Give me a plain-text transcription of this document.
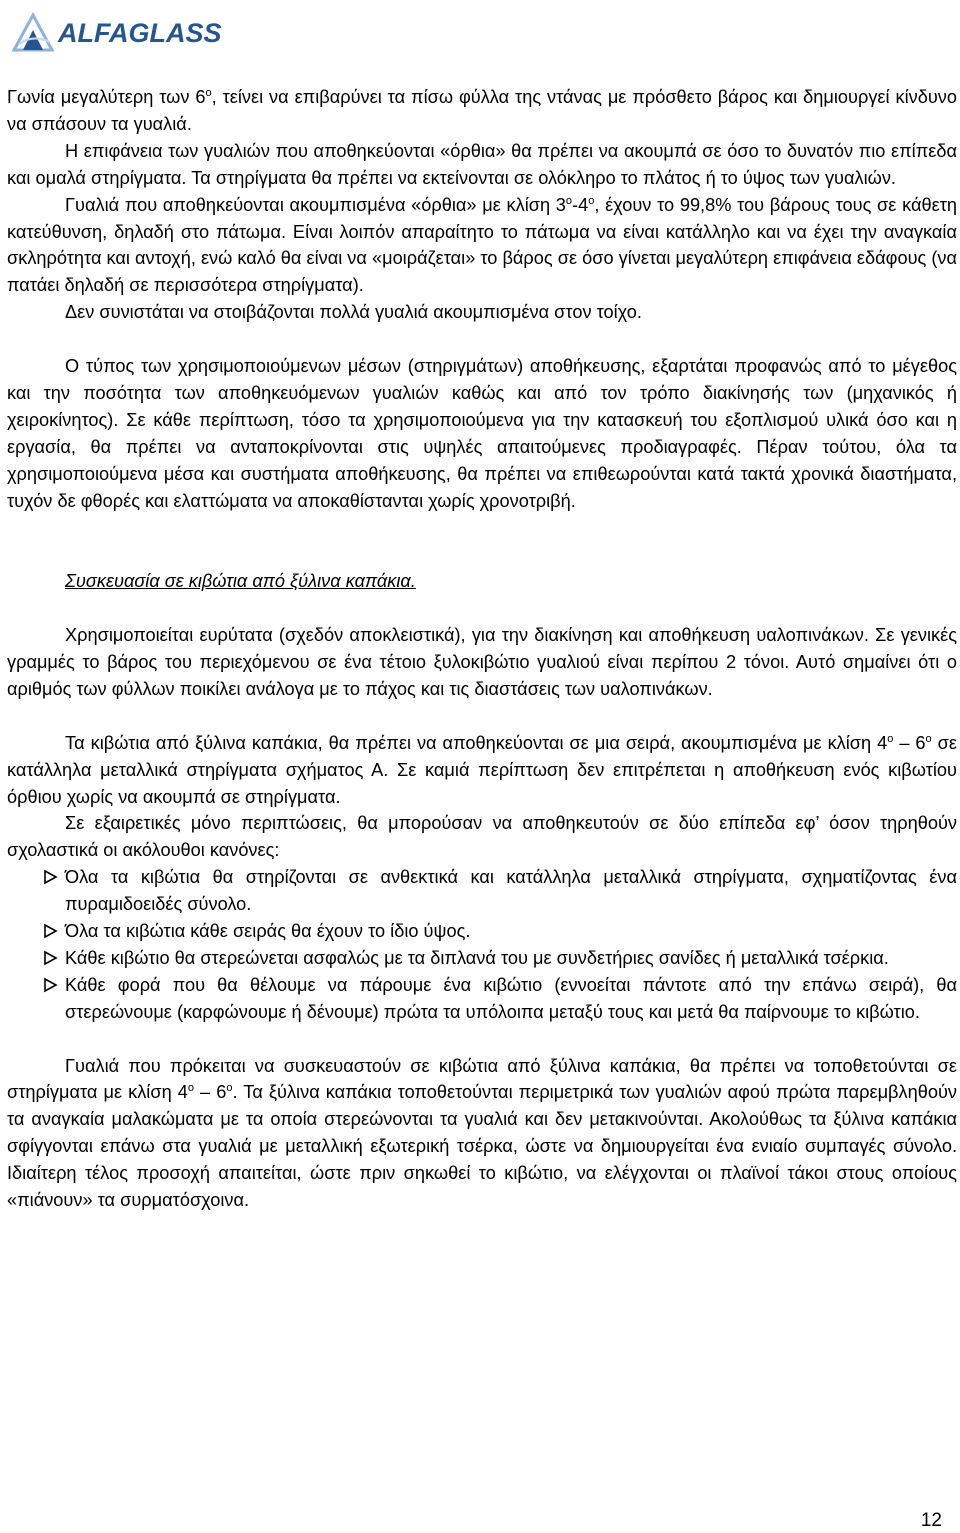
ALFAGLASS

Γωνία μεγαλύτερη των $6^o$, τείνει να επιβαρύνει τα πίσω φύλλα της ντάνας με πρόσθετο βάρος και δημιουργεί κίνδυνο να σπάσουν τα γυαλιά.

Η επιφάνεια των γυαλιών που αποθηκεύονται «όρθια» θα πρέπει να ακουμπά σε όσο το δυνατόν πιο επίπεδα και ομαλά στηρίγματα. Τα στηρίγματα θα πρέπει να εκτείνονται σε ολόκληρο το πλάτος ή το ύψος των γυαλιών.

Γυαλιά που αποθηκεύονται ακουμπισμένα «όρθια» με κλίση $3^o-4^o$, έχουν το 99,8% του βάρους τους σε κάθετη κατεύθυνση, δηλαδή στο πάτωμα. Είναι λοιπόν απαραίτητο το πάτωμα να είναι κατάλληλο και να έχει την αναγκαία σκληρότητα και αντοχή, ενώ καλό θα είναι να «μοιράζεται» το βάρος σε όσο γίνεται μεγαλύτερη επιφάνεια εδάφους (να πατάει δηλαδή σε περισσότερα στηρίγματα).

Δεν συνιστάται να στοιβάζονται πολλά γυαλιά ακουμπισμένα στον τοίχο.

Ο τύπος των χρησιμοποιούμενων μέσων (στηριγμάτων) αποθήκευσης, εξαρτάται προφανώς από το μέγεθος και την ποσότητα των αποθηκευόμενων γυαλιών καθώς και από τον τρόπο διακίνησής των (μηχανικός ή χειροκίνητος). Σε κάθε περίπτωση, τόσο τα χρησιμοποιούμενα για την κατασκευή του εξοπλισμού υλικά όσο και η εργασία, θα πρέπει να ανταποκρίνονται στις υψηλές απαιτούμενες προδιαγραφές. Πέραν τούτου, όλα τα χρησιμοποιούμενα μέσα και συστήματα αποθήκευσης, θα πρέπει να επιθεωρούνται κατά τακτά χρονικά διαστήματα, τυχόν δε φθορές και ελαττώματα να αποκαθίστανται χωρίς χρονοτριβή.

Συσκευασία σε κιβώτια από ξύλινα καπάκια.

Χρησιμοποιείται ευρύτατα (σχεδόν αποκλειστικά), για την διακίνηση και αποθήκευση υαλοπινάκων. Σε γενικές γραμμές το βάρος του περιεχόμενου σε ένα τέτοιο ξυλοκιβώτιο γυαλιού είναι περίπου 2 τόνοι. Αυτό σημαίνει ότι ο αριθμός των φύλλων ποικίλει ανάλογα με το πάχος και τις διαστάσεις των υαλοπινάκων.

Τα κιβώτια από ξύλινα καπάκια, θα πρέπει να αποθηκεύονται σε μια σειρά, ακουμπισμένα με κλίση $4^o - 6^o$ σε κατάλληλα μεταλλικά στηρίγματα σχήματος Α. Σε καμιά περίπτωση δεν επιτρέπεται η αποθήκευση ενός κιβωτίου όρθιου χωρίς να ακουμπά σε στηρίγματα.

Σε εξαιρετικές μόνο περιπτώσεις, θα μπορούσαν να αποθηκευτούν σε δύο επίπεδα εφ’ όσον τηρηθούν σχολαστικά οι ακόλουθοι κανόνες:

Όλα τα κιβώτια θα στηρίζονται σε ανθεκτικά και κατάλληλα μεταλλικά στηρίγματα, σχηματίζοντας ένα πυραμιδοειδές σύνολο.
Όλα τα κιβώτια κάθε σειράς θα έχουν το ίδιο ύψος.
Κάθε κιβώτιο θα στερεώνεται ασφαλώς με τα διπλανά του με συνδετήριες σανίδες ή μεταλλικά τσέρκια.
Κάθε φορά που θα θέλουμε να πάρουμε ένα κιβώτιο (εννοείται πάντοτε από την επάνω σειρά), θα στερεώνουμε (καρφώνουμε ή δένουμε) πρώτα τα υπόλοιπα μεταξύ τους και μετά θα παίρνουμε το κιβώτιο.

Γυαλιά που πρόκειται να συσκευαστούν σε κιβώτια από ξύλινα καπάκια, θα πρέπει να τοποθετούνται σε στηρίγματα με κλίση $4^o - 6^o$. Τα ξύλινα καπάκια τοποθετούνται περιμετρικά των γυαλιών αφού πρώτα παρεμβληθούν τα αναγκαία μαλακώματα με τα οποία στερεώνονται τα γυαλιά και δεν μετακινούνται. Ακολούθως τα ξύλινα καπάκια σφίγγονται επάνω στα γυαλιά με μεταλλική εξωτερική τσέρκα, ώστε να δημιουργείται ένα ενιαίο συμπαγές σύνολο. Ιδιαίτερη τέλος προσοχή απαιτείται, ώστε πριν σηκωθεί το κιβώτιο, να ελέγχονται οι πλαϊνοί τάκοι στους οποίους «πιάνουν» τα συρματόσχοινα.

12
